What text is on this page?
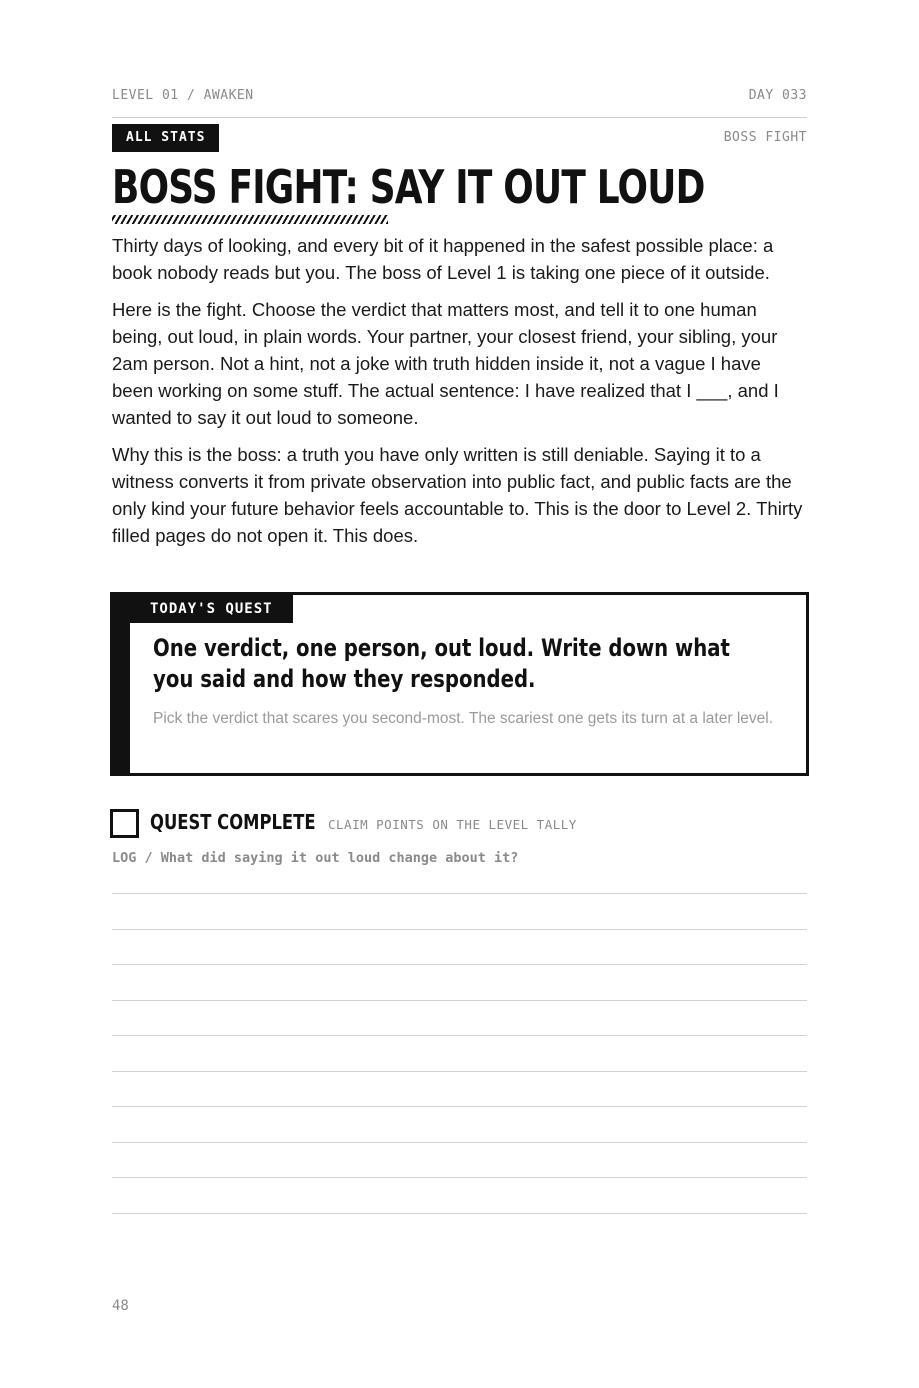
LEVEL 01 / AWAKEN	DAY 033
ALL STATS	BOSS FIGHT
BOSS FIGHT: SAY IT OUT LOUD

Thirty days of looking, and every bit of it happened in the safest possible place: a book nobody reads but you. The boss of Level 1 is taking one piece of it outside.

Here is the fight. Choose the verdict that matters most, and tell it to one human being, out loud, in plain words. Your partner, your closest friend, your sibling, your 2am person. Not a hint, not a joke with truth hidden inside it, not a vague I have been working on some stuff. The actual sentence: I have realized that I ___, and I wanted to say it out loud to someone.

Why this is the boss: a truth you have only written is still deniable. Saying it to a witness converts it from private observation into public fact, and public facts are the only kind your future behavior feels accountable to. This is the door to Level 2. Thirty filled pages do not open it. This does.

TODAY'S QUEST
One verdict, one person, out loud. Write down what you said and how they responded.
Pick the verdict that scares you second-most. The scariest one gets its turn at a later level.
QUEST COMPLETE CLAIM POINTS ON THE LEVEL TALLY
LOG / What did saying it out loud change about it?
48
